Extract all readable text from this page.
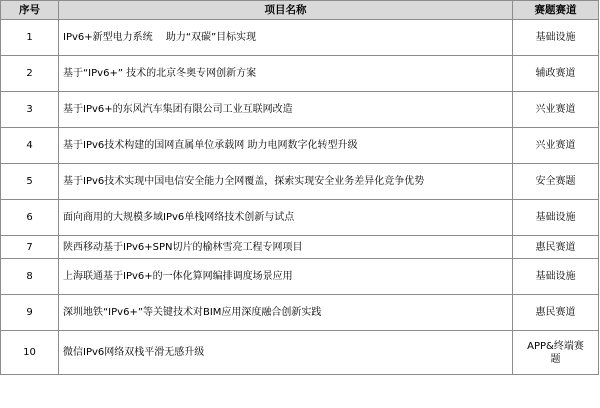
序号	项目名称	赛题赛道
1	IPv6+新型电力系统　 助力“双碳”目标实现	基础设施
2	基于“IPv6+” 技术的北京冬奥专网创新方案	辅政赛道
3	基于IPv6+的东风汽车集团有限公司工业互联网改造	兴业赛道
4	基于IPv6技术构建的国网直属单位承载网 助力电网数字化转型升级	兴业赛道
5	基于IPv6技术实现中国电信安全能力全网覆盖，探索实现安全业务差异化竞争优势	安全赛题
6	面向商用的大规模多域IPv6单栈网络技术创新与试点	基础设施
7	陕西移动基于IPv6+SPN切片的榆林雪亮工程专网项目	惠民赛道
8	上海联通基于IPv6+的一体化算网编排调度场景应用	基础设施
9	深圳地铁“IPv6+”等关键技术对BIM应用深度融合创新实践	惠民赛道
10	微信IPv6网络双栈平滑无感升级	APP&终端赛
题
